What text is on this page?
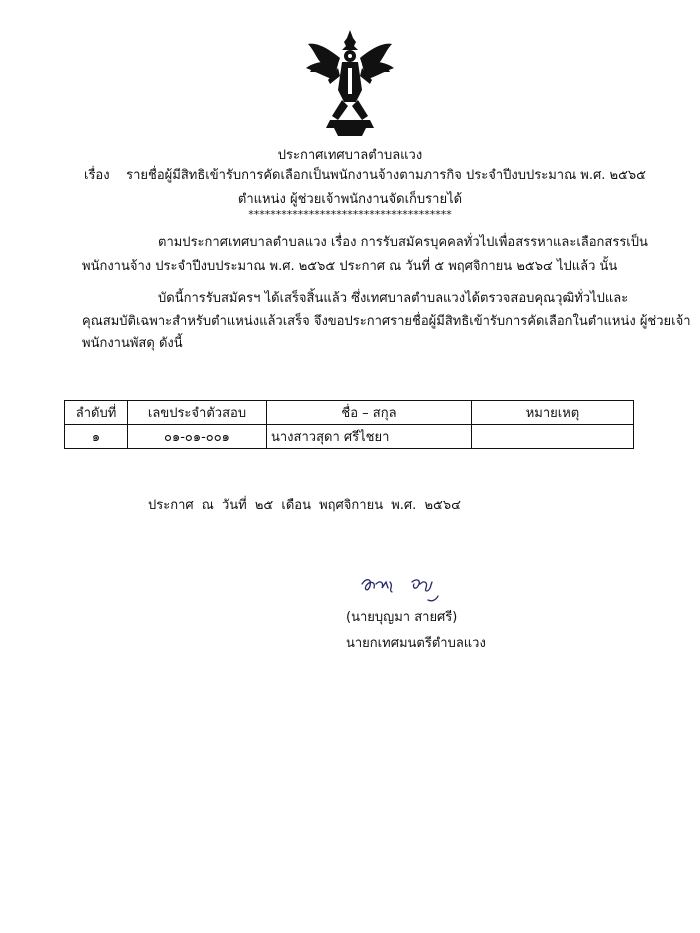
ประกาศเทศบาลตำบลแวง
เรื่อง รายชื่อผู้มีสิทธิเข้ารับการคัดเลือกเป็นพนักงานจ้างตามภารกิจ ประจำปีงบประมาณ พ.ศ. ๒๕๖๕
ตำแหน่ง ผู้ช่วยเจ้าพนักงานจัดเก็บรายได้
*************************************
ตามประกาศเทศบาลตำบลแวง เรื่อง การรับสมัครบุคคลทั่วไปเพื่อสรรหาและเลือกสรรเป็น
พนักงานจ้าง ประจำปีงบประมาณ พ.ศ. ๒๕๖๕ ประกาศ ณ วันที่ ๕ พฤศจิกายน ๒๕๖๔ ไปแล้ว นั้น
บัดนี้การรับสมัครฯ ได้เสร็จสิ้นแล้ว ซึ่งเทศบาลตำบลแวงได้ตรวจสอบคุณวุฒิทั่วไปและ
คุณสมบัติเฉพาะสำหรับตำแหน่งแล้วเสร็จ จึงขอประกาศรายชื่อผู้มีสิทธิเข้ารับการคัดเลือกในตำแหน่ง ผู้ช่วยเจ้า
พนักงานพัสดุ ดังนี้
ลำดับที่	เลขประจำตัวสอบ	ชื่อ – สกุล	หมายเหตุ
๑	๐๑-๐๑-๐๐๑	นางสาวสุดา ศรีไชยา	
ประกาศ ณ วันที่ ๒๕ เดือน พฤศจิกายน พ.ศ. ๒๕๖๔
(นายบุญมา สายศรี)
นายกเทศมนตรีตำบลแวง
